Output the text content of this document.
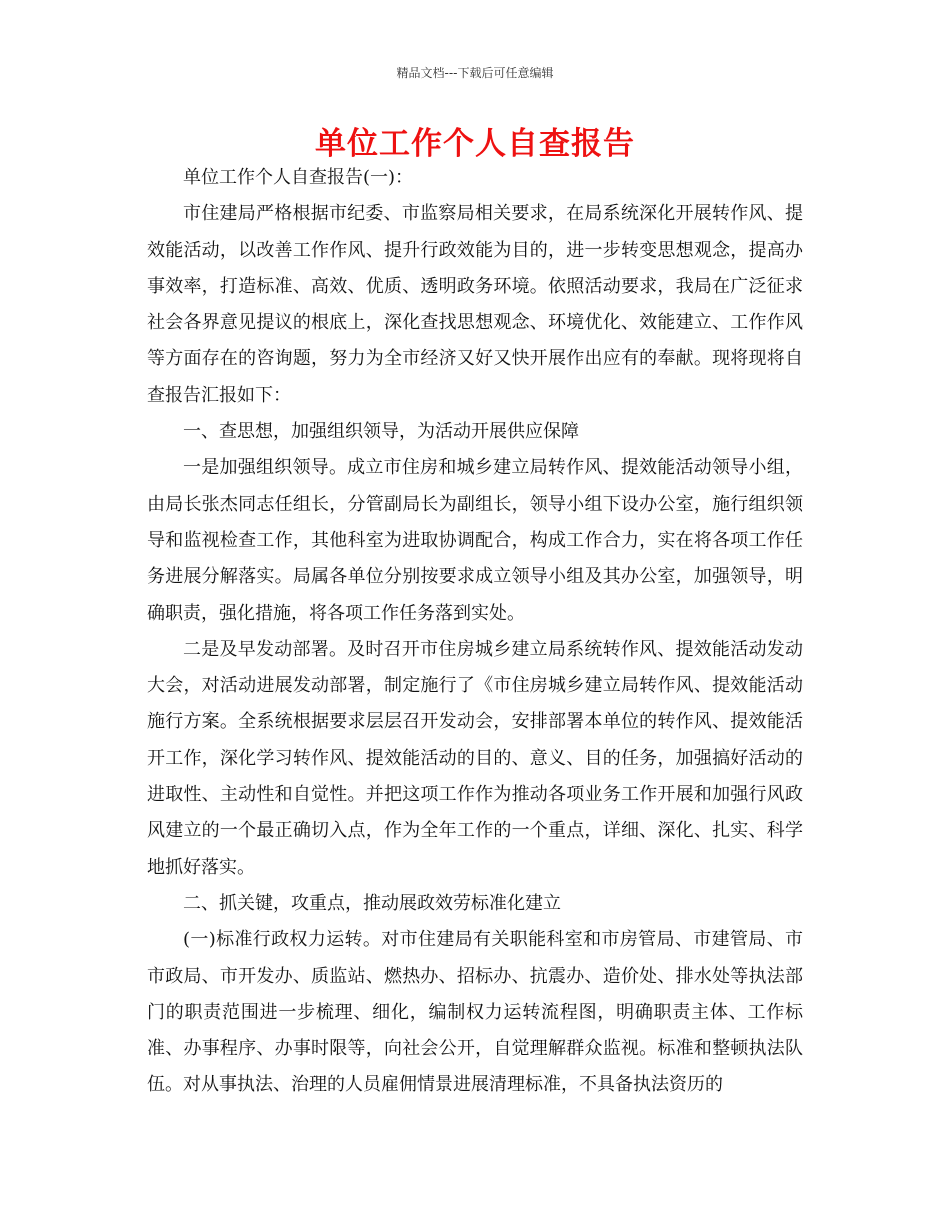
精品文档---下载后可任意编辑
单位工作个人自查报告

单位工作个人自查报告(一)：

市住建局严格根据市纪委、市监察局相关要求，在局系统深化开展转作风、提效能活动，以改善工作作风、提升行政效能为目的，进一步转变思想观念，提高办事效率，打造标准、高效、优质、透明政务环境。依照活动要求，我局在广泛征求社会各界意见提议的根底上，深化查找思想观念、环境优化、效能建立、工作作风等方面存在的咨询题，努力为全市经济又好又快开展作出应有的奉献。现将现将自查报告汇报如下：

一、查思想，加强组织领导，为活动开展供应保障

一是加强组织领导。成立市住房和城乡建立局转作风、提效能活动领导小组，由局长张杰同志任组长，分管副局长为副组长，领导小组下设办公室，施行组织领导和监视检查工作，其他科室为进取协调配合，构成工作合力，实在将各项工作任务进展分解落实。局属各单位分别按要求成立领导小组及其办公室，加强领导，明确职责，强化措施，将各项工作任务落到实处。

二是及早发动部署。及时召开市住房城乡建立局系统转作风、提效能活动发动大会，对活动进展发动部署，制定施行了《市住房城乡建立局转作风、提效能活动施行方案。全系统根据要求层层召开发动会，安排部署本单位的转作风、提效能活开工作，深化学习转作风、提效能活动的目的、意义、目的任务，加强搞好活动的进取性、主动性和自觉性。并把这项工作作为推动各项业务工作开展和加强行风政风建立的一个最正确切入点，作为全年工作的一个重点，详细、深化、扎实、科学地抓好落实。

二、抓关键，攻重点，推动展政效劳标准化建立

(一)标准行政权力运转。对市住建局有关职能科室和市房管局、市建管局、市市政局、市开发办、质监站、燃热办、招标办、抗震办、造价处、排水处等执法部门的职责范围进一步梳理、细化，编制权力运转流程图，明确职责主体、工作标准、办事程序、办事时限等，向社会公开，自觉理解群众监视。标准和整顿执法队伍。对从事执法、治理的人员雇佣情景进展清理标准，不具备执法资历的
